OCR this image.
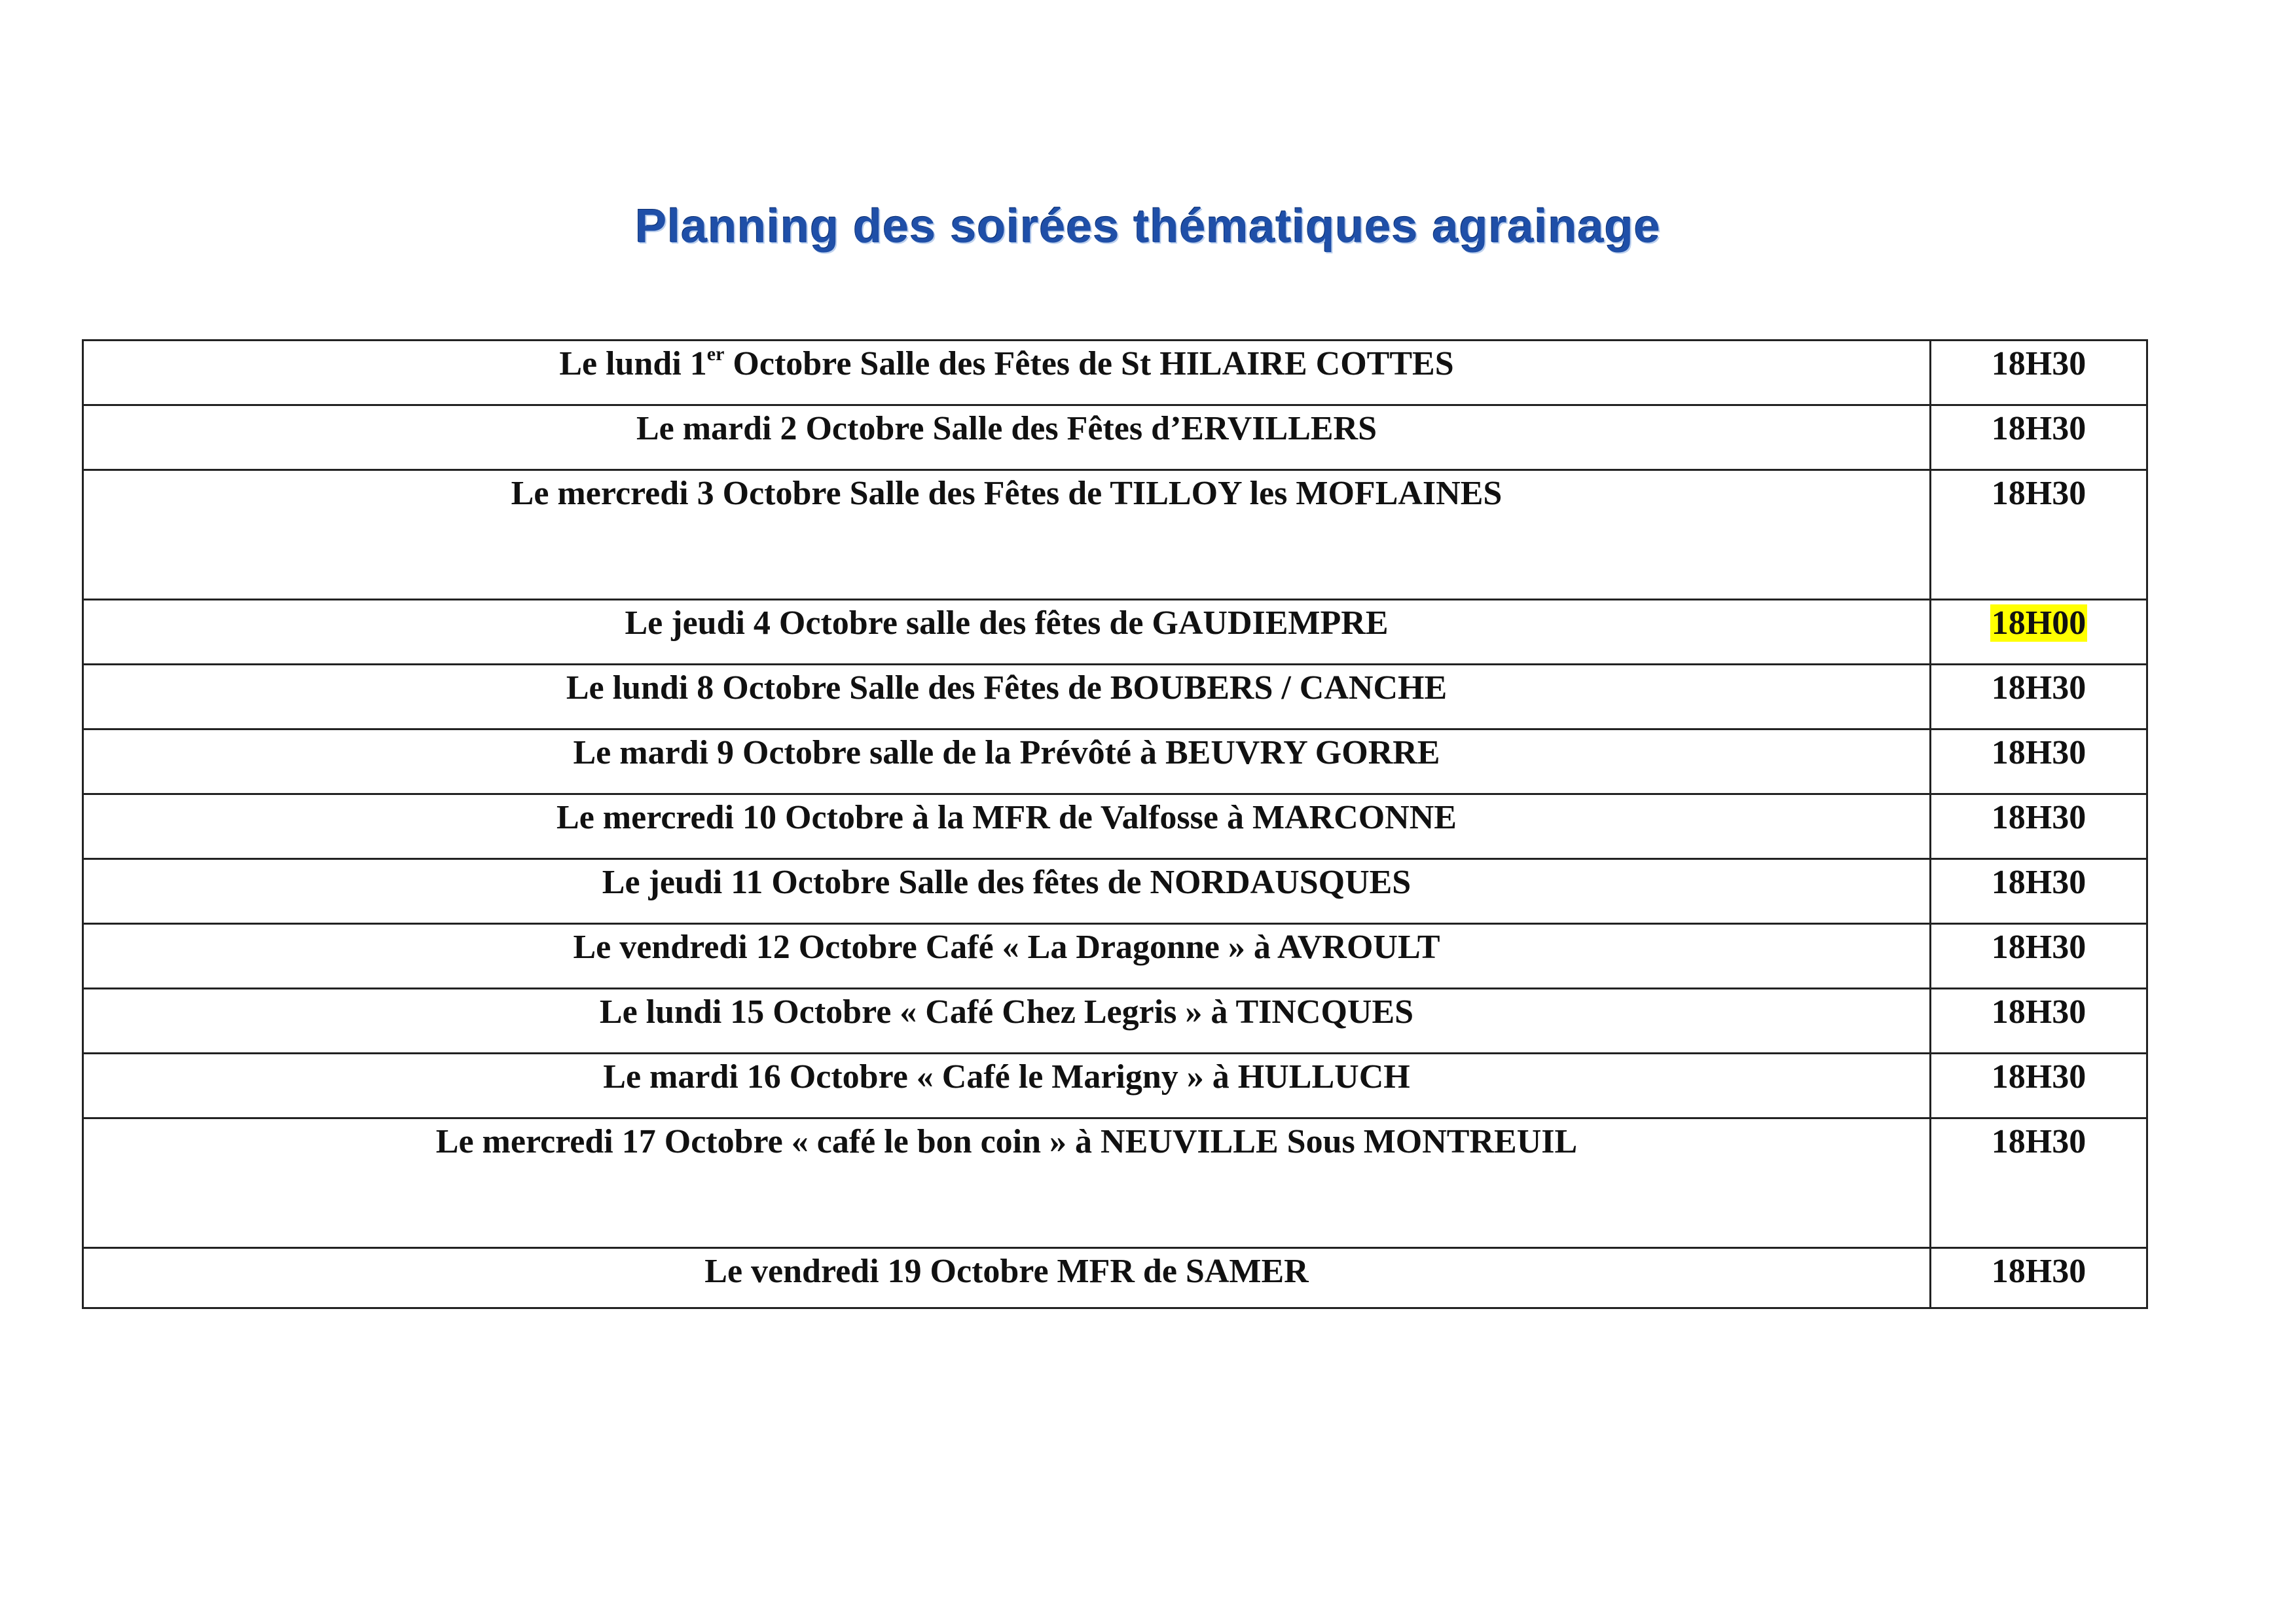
Planning des soirées thématiques agrainage
Le lundi 1er Octobre Salle des Fêtes de St HILAIRE COTTES	18H30
Le mardi 2 Octobre Salle des Fêtes d’ERVILLERS	18H30
Le mercredi 3 Octobre Salle des Fêtes de TILLOY les MOFLAINES	18H30
Le jeudi 4 Octobre salle des fêtes de GAUDIEMPRE	18H00
Le lundi 8 Octobre Salle des Fêtes de BOUBERS / CANCHE	18H30
Le mardi 9 Octobre salle de la Prévôté à BEUVRY GORRE	18H30
Le mercredi 10 Octobre à la MFR de Valfosse à MARCONNE	18H30
Le jeudi 11 Octobre Salle des fêtes de NORDAUSQUES	18H30
Le vendredi 12 Octobre Café « La Dragonne » à AVROULT	18H30
Le lundi 15 Octobre « Café Chez Legris » à TINCQUES	18H30
Le mardi 16 Octobre « Café le Marigny » à HULLUCH	18H30
Le mercredi 17 Octobre « café le bon coin » à NEUVILLE Sous MONTREUIL	18H30
Le vendredi 19 Octobre MFR de SAMER	18H30
